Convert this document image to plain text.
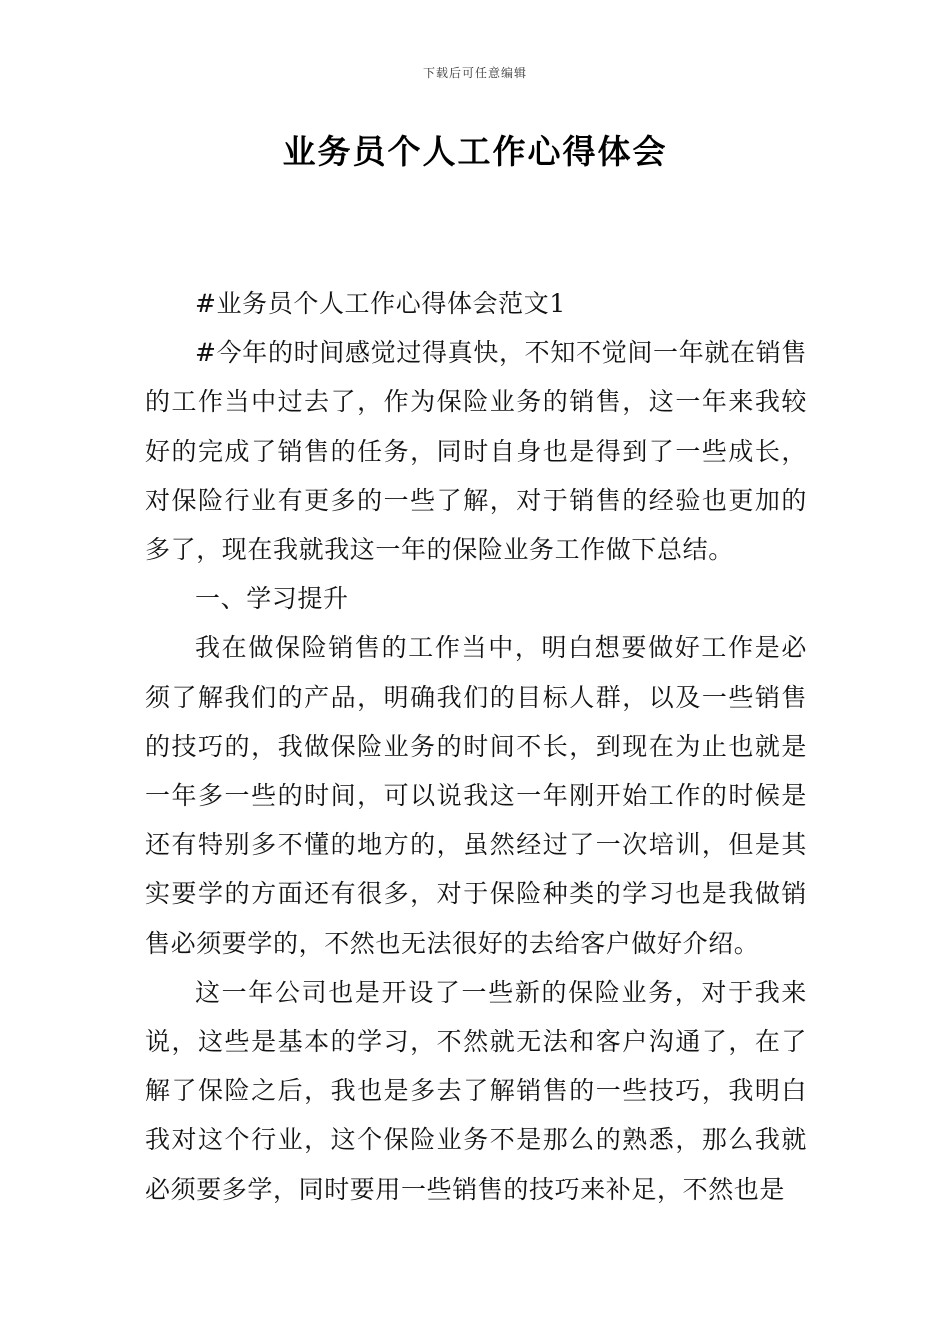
下载后可任意编辑
业务员个人工作心得体会

#业务员个人工作心得体会范文1

#今年的时间感觉过得真快，不知不觉间一年就在销售的工作当中过去了，作为保险业务的销售，这一年来我较好的完成了销售的任务，同时自身也是得到了一些成长，对保险行业有更多的一些了解，对于销售的经验也更加的多了，现在我就我这一年的保险业务工作做下总结。

一、学习提升

我在做保险销售的工作当中，明白想要做好工作是必须了解我们的产品，明确我们的目标人群，以及一些销售的技巧的，我做保险业务的时间不长，到现在为止也就是一年多一些的时间，可以说我这一年刚开始工作的时候是还有特别多不懂的地方的，虽然经过了一次培训，但是其实要学的方面还有很多，对于保险种类的学习也是我做销售必须要学的，不然也无法很好的去给客户做好介绍。

这一年公司也是开设了一些新的保险业务，对于我来说，这些是基本的学习，不然就无法和客户沟通了，在了解了保险之后，我也是多去了解销售的一些技巧，我明白我对这个行业，这个保险业务不是那么的熟悉，那么我就必须要多学，同时要用一些销售的技巧来补足，不然也是
